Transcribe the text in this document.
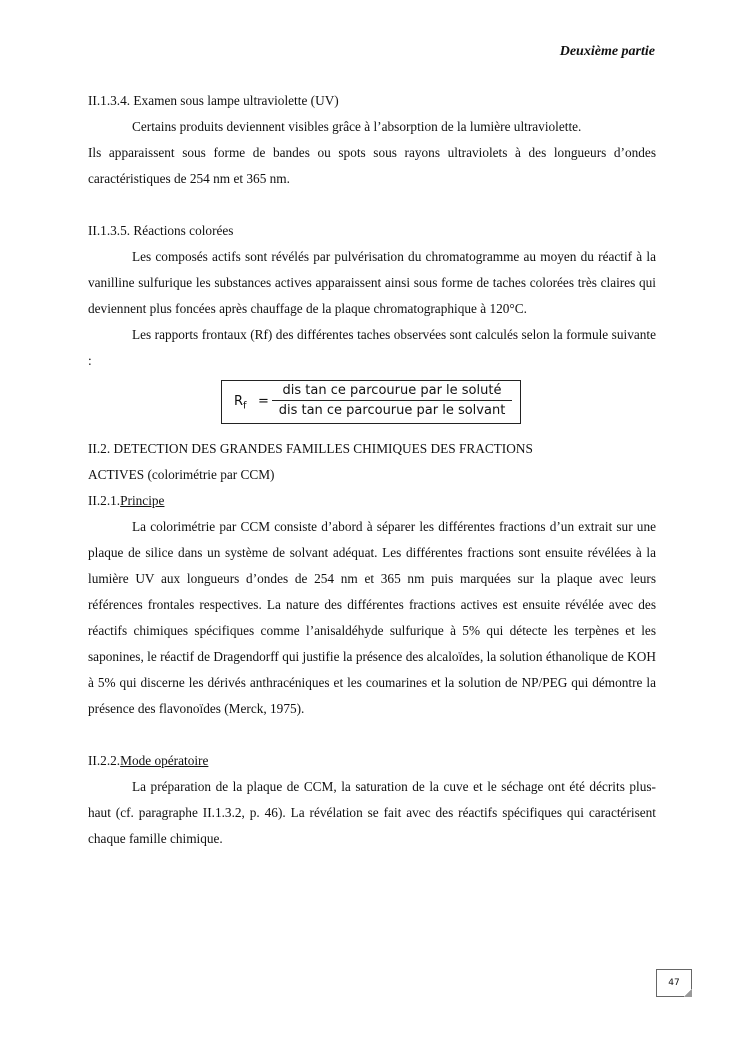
Deuxième partie

II.1.3.4. Examen sous lampe ultraviolette (UV)

Certains produits deviennent visibles grâce à l’absorption de la lumière ultraviolette.

Ils apparaissent sous forme de bandes ou spots sous rayons ultraviolets à des longueurs d’ondes caractéristiques de 254 nm et 365 nm.

II.1.3.5. Réactions colorées

Les composés actifs sont révélés par pulvérisation du chromatogramme au moyen du réactif à la vanilline sulfurique les substances actives apparaissent ainsi sous forme de taches colorées très claires qui deviennent plus foncées après chauffage de la plaque chromatographique à 120°C.

Les rapports frontaux (Rf) des différentes taches observées sont calculés selon la formule suivante :

$R_f$ =
dis tan ce parcourue par le soluté
dis tan ce parcourue par le solvant

II.2. DETECTION DES GRANDES FAMILLES CHIMIQUES DES FRACTIONS

ACTIVES (colorimétrie par CCM)

II.2.1.Principe

La colorimétrie par CCM consiste d’abord à séparer les différentes fractions d’un extrait sur une plaque de silice dans un système de solvant adéquat. Les différentes fractions sont ensuite révélées à la lumière UV aux longueurs d’ondes de 254 nm et 365 nm puis marquées sur la plaque avec leurs références frontales respectives. La nature des différentes fractions actives est ensuite révélée avec des réactifs chimiques spécifiques comme l’anisaldéhyde sulfurique à 5% qui détecte les terpènes et les saponines, le réactif de Dragendorff qui justifie la présence des alcaloïdes, la solution éthanolique de KOH à 5% qui discerne les dérivés anthracéniques et les coumarines et la solution de NP/PEG qui démontre la présence des flavonoïdes (Merck, 1975).

II.2.2.Mode opératoire

La préparation de la plaque de CCM, la saturation de la cuve et le séchage ont été décrits plus-haut (cf. paragraphe II.1.3.2, p. 46). La révélation se fait avec des réactifs spécifiques qui caractérisent chaque famille chimique.

47
